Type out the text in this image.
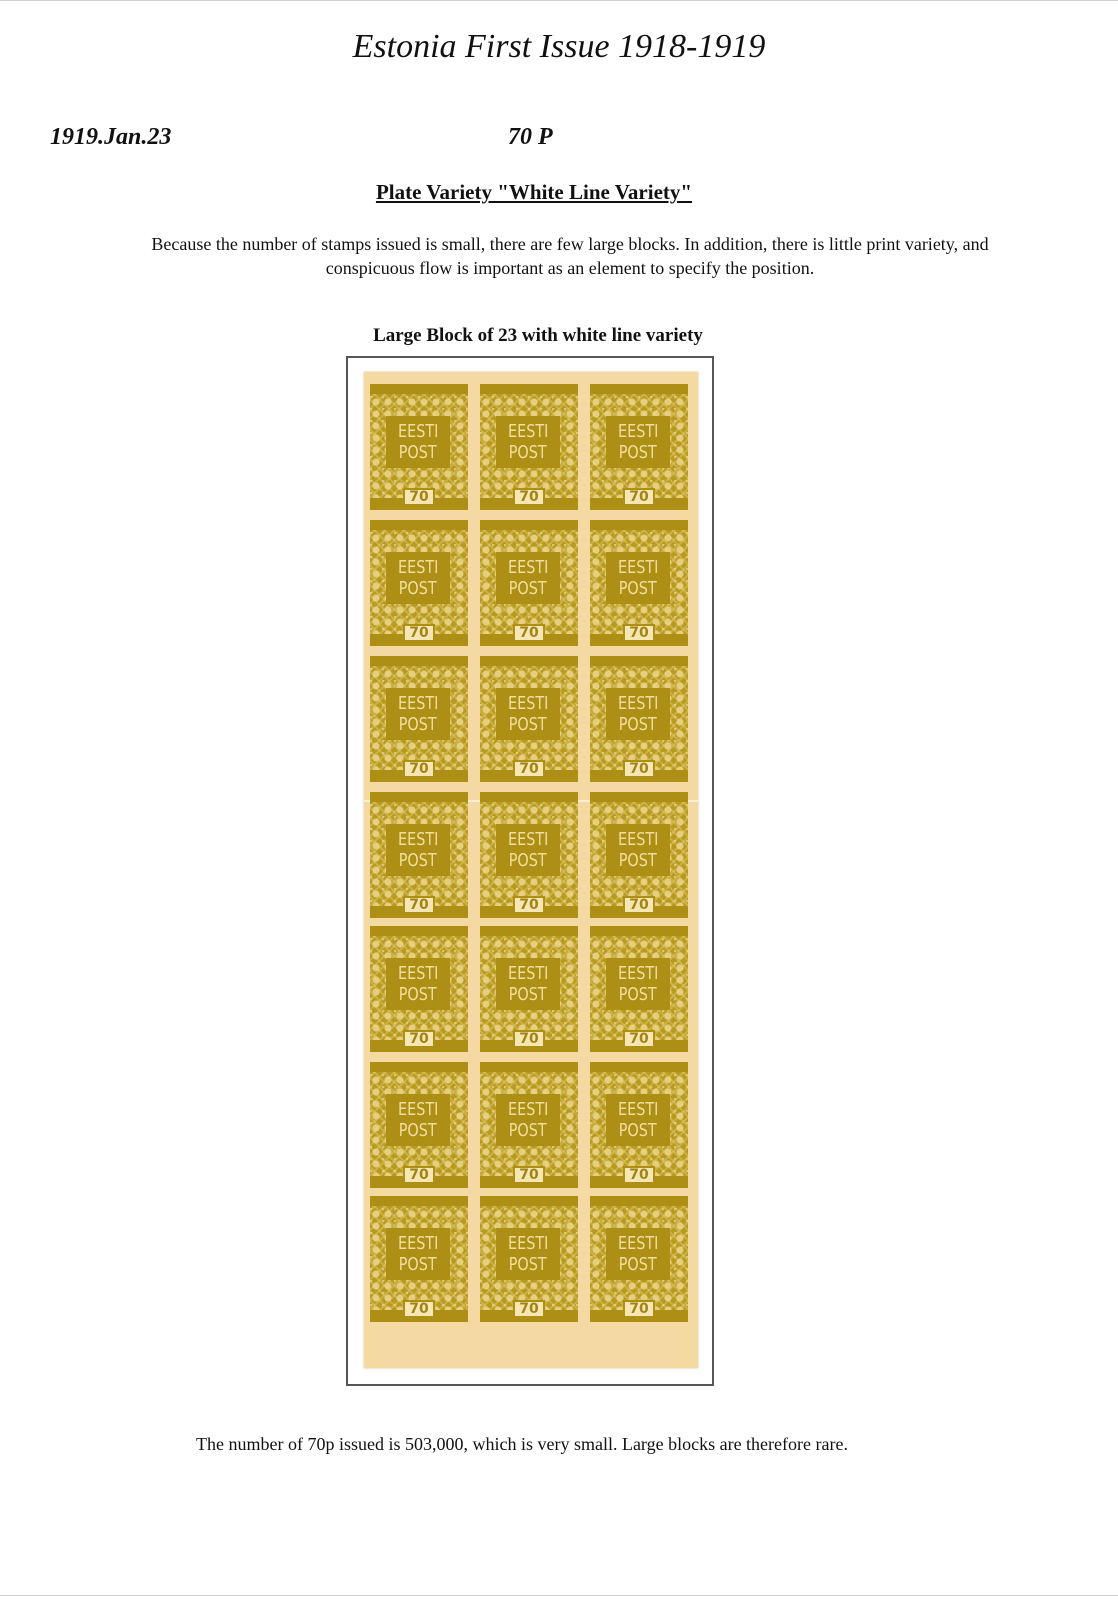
Estonia First Issue 1918-1919
1919.Jan.23	70 P
Plate Variety "White Line Variety"
Because the number of stamps issued is small, there are few large blocks. In addition, there is little print variety, and conspicuous flow is important as an element to specify the position.
Large Block of 23 with white line variety
EESTI
POST
70
EESTI
POST
70
EESTI
POST
70
EESTI
POST
70
EESTI
POST
70
EESTI
POST
70
EESTI
POST
70
EESTI
POST
70
EESTI
POST
70
EESTI
POST
70
EESTI
POST
70
EESTI
POST
70
EESTI
POST
70
EESTI
POST
70
EESTI
POST
70
EESTI
POST
70
EESTI
POST
70
EESTI
POST
70
EESTI
POST
70
EESTI
POST
70
EESTI
POST
70
The number of 70p issued is 503,000, which is very small. Large blocks are therefore rare.
